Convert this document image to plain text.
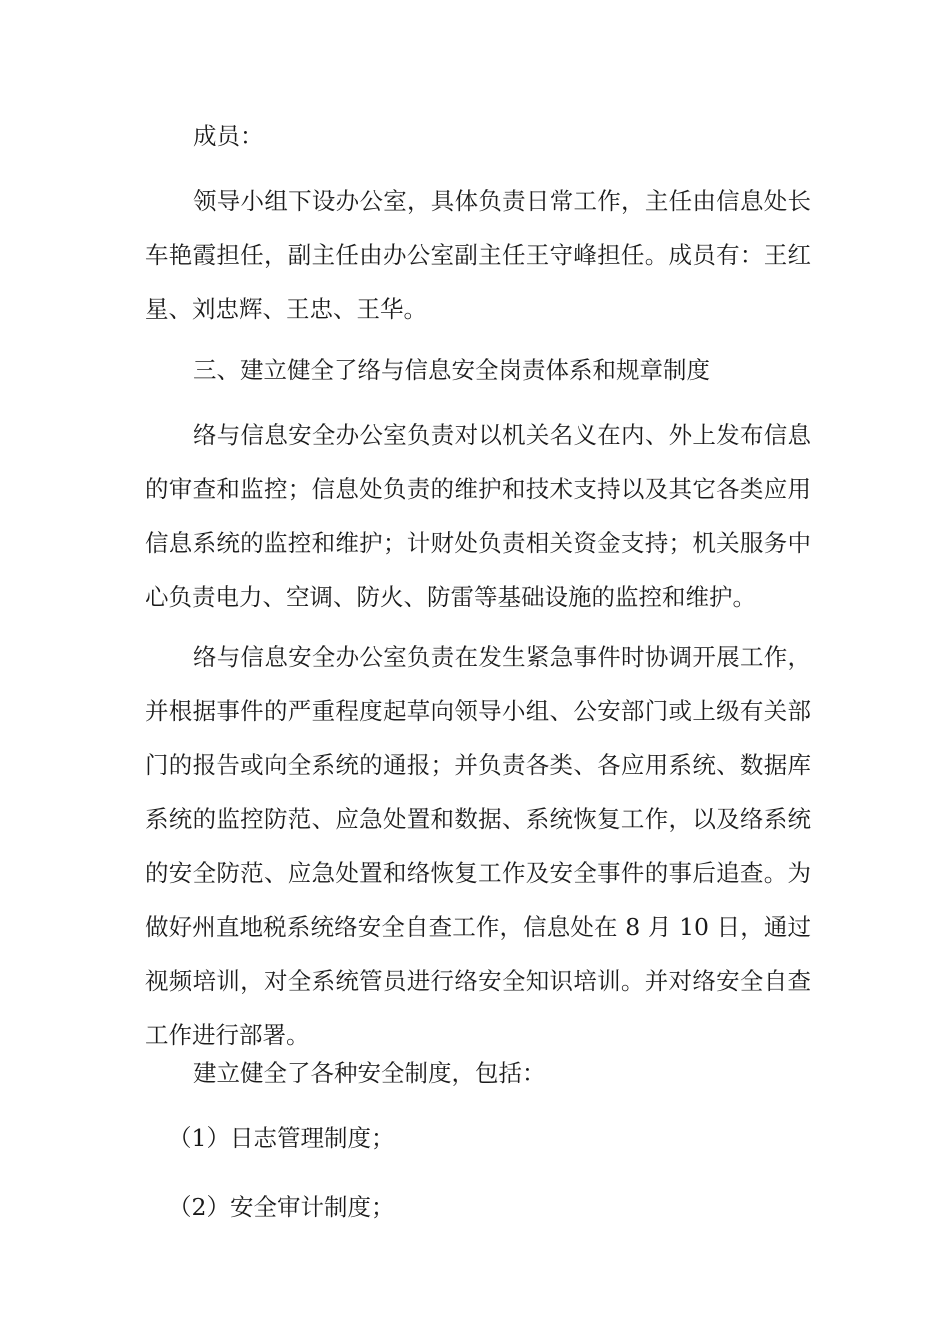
成员：

领导小组下设办公室，具体负责日常工作，主任由信息处长车艳霞担任，副主任由办公室副主任王守峰担任。成员有：王红星、刘忠辉、王忠、王华。

三、建立健全了络与信息安全岗责体系和规章制度

络与信息安全办公室负责对以机关名义在内、外上发布信息的审查和监控；信息处负责的维护和技术支持以及其它各类应用信息系统的监控和维护；计财处负责相关资金支持；机关服务中心负责电力、空调、防火、防雷等基础设施的监控和维护。

络与信息安全办公室负责在发生紧急事件时协调开展工作，并根据事件的严重程度起草向领导小组、公安部门或上级有关部门的报告或向全系统的通报；并负责各类、各应用系统、数据库系统的监控防范、应急处置和数据、系统恢复工作，以及络系统的安全防范、应急处置和络恢复工作及安全事件的事后追查。为做好州直地税系统络安全自查工作，信息处在 8 月 10 日，通过视频培训，对全系统管员进行络安全知识培训。并对络安全自查工作进行部署。

建立健全了各种安全制度，包括：

（1）日志管理制度；

（2）安全审计制度；
